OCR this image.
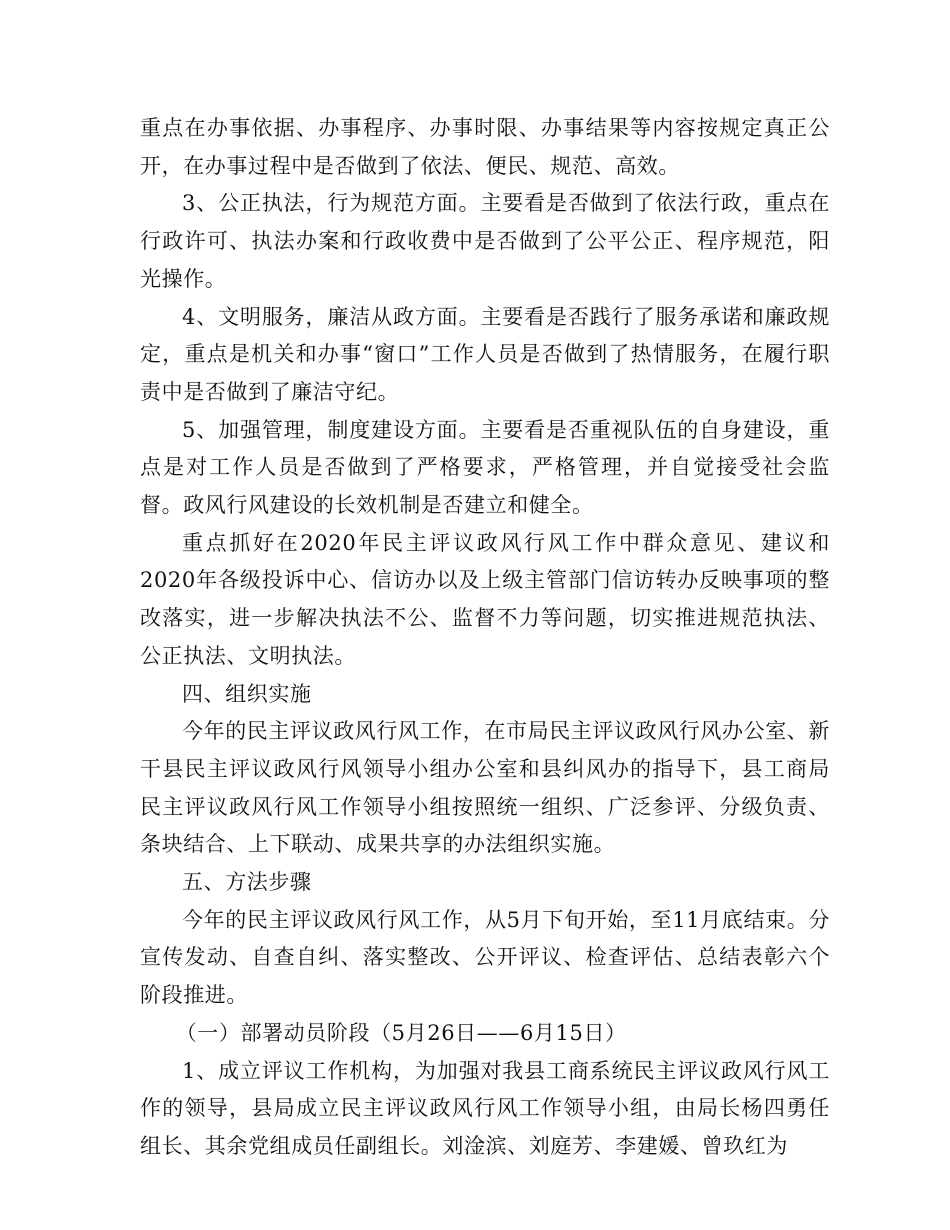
重点在办事依据、办事程序、办事时限、办事结果等内容按规定真正公开，在办事过程中是否做到了依法、便民、规范、高效。

3、公正执法，行为规范方面。主要看是否做到了依法行政，重点在行政许可、执法办案和行政收费中是否做到了公平公正、程序规范，阳光操作。

4、文明服务，廉洁从政方面。主要看是否践行了服务承诺和廉政规定，重点是机关和办事“窗口”工作人员是否做到了热情服务，在履行职责中是否做到了廉洁守纪。

5、加强管理，制度建设方面。主要看是否重视队伍的自身建设，重点是对工作人员是否做到了严格要求，严格管理，并自觉接受社会监督。政风行风建设的长效机制是否建立和健全。

重点抓好在2020年民主评议政风行风工作中群众意见、建议和2020年各级投诉中心、信访办以及上级主管部门信访转办反映事项的整改落实，进一步解决执法不公、监督不力等问题，切实推进规范执法、公正执法、文明执法。

四、组织实施

今年的民主评议政风行风工作，在市局民主评议政风行风办公室、新干县民主评议政风行风领导小组办公室和县纠风办的指导下，县工商局民主评议政风行风工作领导小组按照统一组织、广泛参评、分级负责、条块结合、上下联动、成果共享的办法组织实施。

五、方法步骤

今年的民主评议政风行风工作，从5月下旬开始，至11月底结束。分宣传发动、自查自纠、落实整改、公开评议、检查评估、总结表彰六个阶段推进。

（一）部署动员阶段（5月26日——6月15日）

1、成立评议工作机构，为加强对我县工商系统民主评议政风行风工作的领导，县局成立民主评议政风行风工作领导小组，由局长杨四勇任组长、其余党组成员任副组长。刘淦滨、刘庭芳、李建媛、曾玖红为
